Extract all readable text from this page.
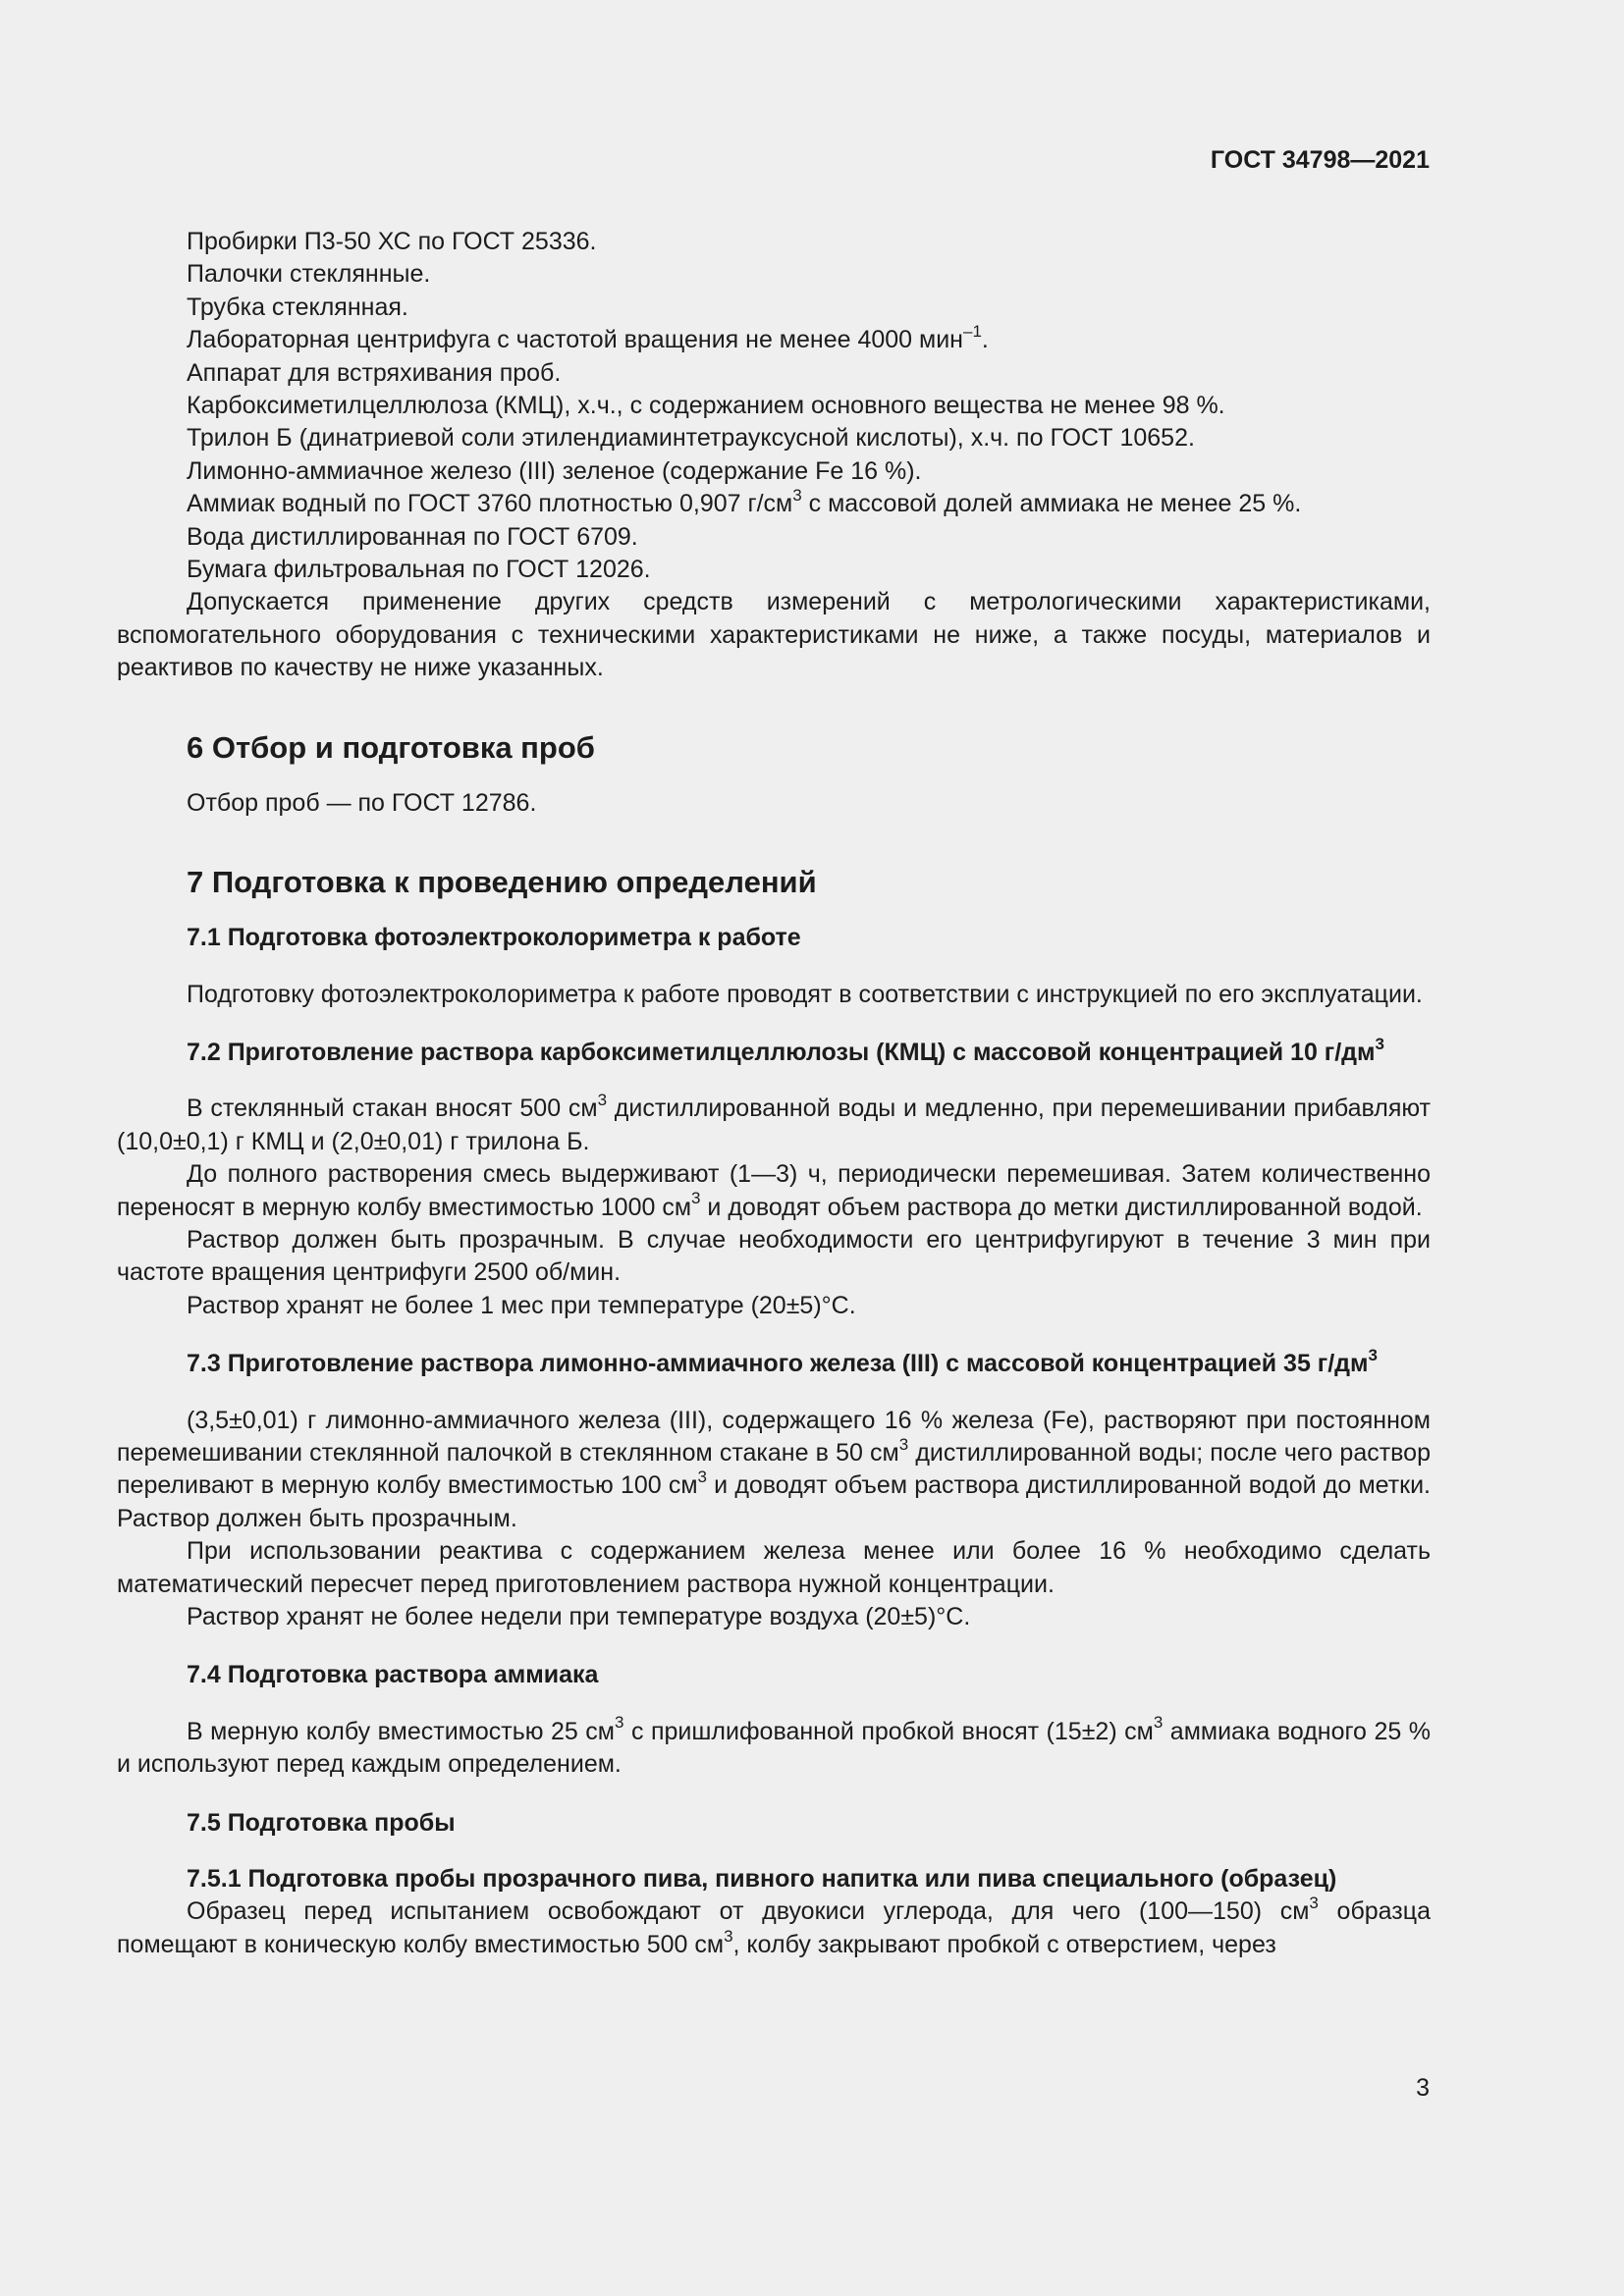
ГОСТ 34798—2021

Пробирки П3-50 ХС по ГОСТ 25336.

Палочки стеклянные.

Трубка стеклянная.

Лабораторная центрифуга с частотой вращения не менее 4000 мин$^{-1}$.

Аппарат для встряхивания проб.

Карбоксиметилцеллюлоза (КМЦ), х.ч., с содержанием основного вещества не менее 98 %.

Трилон Б (динатриевой соли этилендиаминтетрауксусной кислоты), х.ч. по ГОСТ 10652.

Лимонно-аммиачное железо (III) зеленое (содержание Fe 16 %).

Аммиак водный по ГОСТ 3760 плотностью 0,907 $г/см^3$ с массовой долей аммиака не менее 25 %.

Вода дистиллированная по ГОСТ 6709.

Бумага фильтровальная по ГОСТ 12026.

Допускается применение других средств измерений с метрологическими характеристиками, вспомогательного оборудования с техническими характеристиками не ниже, а также посуды, материалов и реактивов по качеству не ниже указанных.

6 Отбор и подготовка проб

Отбор проб — по ГОСТ 12786.

7 Подготовка к проведению определений
7.1 Подготовка фотоэлектроколориметра к работе

Подготовку фотоэлектроколориметра к работе проводят в соответствии с инструкцией по его эксплуатации.

7.2 Приготовление раствора карбоксиметилцеллюлозы (КМЦ) с массовой концентрацией 10 $г/дм^3$

В стеклянный стакан вносят 500 $см^3$ дистиллированной воды и медленно, при перемешивании прибавляют (10,0±0,1) г КМЦ и (2,0±0,01) г трилона Б.

До полного растворения смесь выдерживают (1—3) ч, периодически перемешивая. Затем количественно переносят в мерную колбу вместимостью 1000 $см^3$ и доводят объем раствора до метки дистиллированной водой.

Раствор должен быть прозрачным. В случае необходимости его центрифугируют в течение 3 мин при частоте вращения центрифуги 2500 об/мин.

Раствор хранят не более 1 мес при температуре (20±5)°С.

7.3 Приготовление раствора лимонно-аммиачного железа (III) с массовой концентрацией 35 $г/дм^3$

(3,5±0,01) г лимонно-аммиачного железа (III), содержащего 16 % железа (Fe), растворяют при постоянном перемешивании стеклянной палочкой в стеклянном стакане в 50 $см^3$ дистиллированной воды; после чего раствор переливают в мерную колбу вместимостью 100 $см^3$ и доводят объем раствора дистиллированной водой до метки. Раствор должен быть прозрачным.

При использовании реактива с содержанием железа менее или более 16 % необходимо сделать математический пересчет перед приготовлением раствора нужной концентрации.

Раствор хранят не более недели при температуре воздуха (20±5)°С.

7.4 Подготовка раствора аммиака

В мерную колбу вместимостью 25 $см^3$ с пришлифованной пробкой вносят (15±2) $см^3$ аммиака водного 25 % и используют перед каждым определением.

7.5 Подготовка пробы
7.5.1 Подготовка пробы прозрачного пива, пивного напитка или пива специального (образец)

Образец перед испытанием освобождают от двуокиси углерода, для чего (100—150) $см^3$ образца помещают в коническую колбу вместимостью 500 $см^3$, колбу закрывают пробкой с отверстием, через

3
